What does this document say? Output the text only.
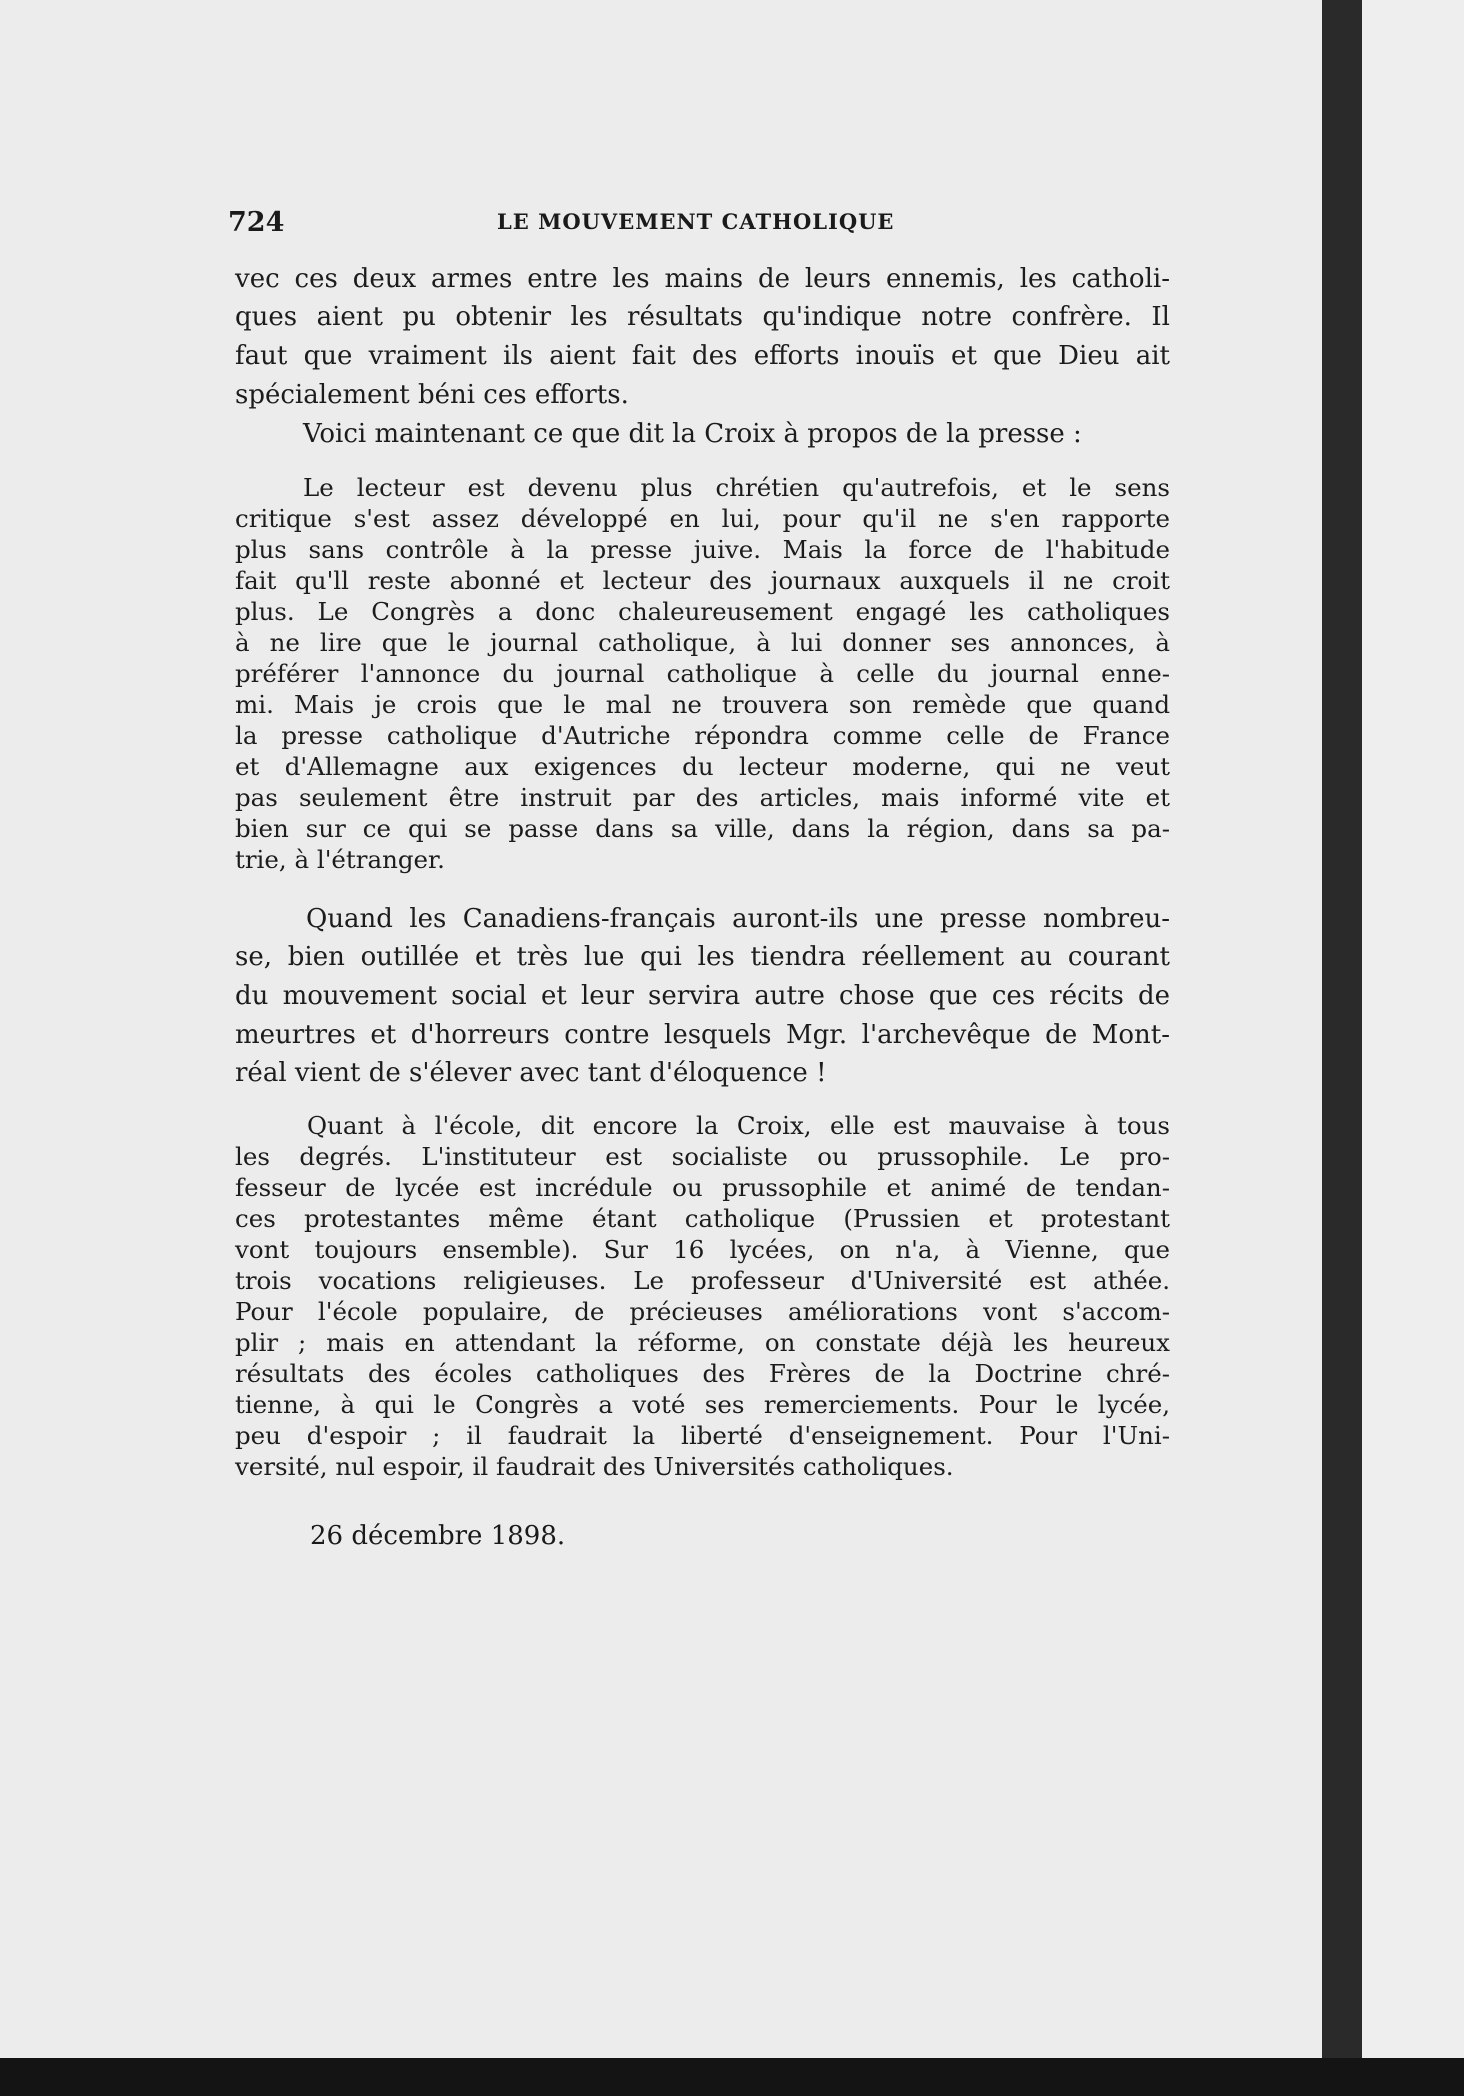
724	LE MOUVEMENT CATHOLIQUE

vec ces deux armes entre les mains de leurs ennemis, les catholi-

ques aient pu obtenir les résultats qu'indique notre confrère. Il

faut que vraiment ils aient fait des efforts inouïs et que Dieu ait

spécialement béni ces efforts.

Voici maintenant ce que dit la Croix à propos de la presse :

Le lecteur est devenu plus chrétien qu'autrefois, et le sens

critique s'est assez développé en lui, pour qu'il ne s'en rapporte

plus sans contrôle à la presse juive. Mais la force de l'habitude

fait qu'll reste abonné et lecteur des journaux auxquels il ne croit

plus. Le Congrès a donc chaleureusement engagé les catholiques

à ne lire que le journal catholique, à lui donner ses annonces, à

préférer l'annonce du journal catholique à celle du journal enne-

mi. Mais je crois que le mal ne trouvera son remède que quand

la presse catholique d'Autriche répondra comme celle de France

et d'Allemagne aux exigences du lecteur moderne, qui ne veut

pas seulement être instruit par des articles, mais informé vite et

bien sur ce qui se passe dans sa ville, dans la région, dans sa pa-

trie, à l'étranger.

Quand les Canadiens-français auront-ils une presse nombreu-

se, bien outillée et très lue qui les tiendra réellement au courant

du mouvement social et leur servira autre chose que ces récits de

meurtres et d'horreurs contre lesquels Mgr. l'archevêque de Mont-

réal vient de s'élever avec tant d'éloquence !

Quant à l'école, dit encore la Croix, elle est mauvaise à tous

les degrés. L'instituteur est socialiste ou prussophile. Le pro-

fesseur de lycée est incrédule ou prussophile et animé de tendan-

ces protestantes même étant catholique (Prussien et protestant

vont toujours ensemble). Sur 16 lycées, on n'a, à Vienne, que

trois vocations religieuses. Le professeur d'Université est athée.

Pour l'école populaire, de précieuses améliorations vont s'accom-

plir ; mais en attendant la réforme, on constate déjà les heureux

résultats des écoles catholiques des Frères de la Doctrine chré-

tienne, à qui le Congrès a voté ses remerciements. Pour le lycée,

peu d'espoir ; il faudrait la liberté d'enseignement. Pour l'Uni-

versité, nul espoir, il faudrait des Universités catholiques.

26 décembre 1898.
